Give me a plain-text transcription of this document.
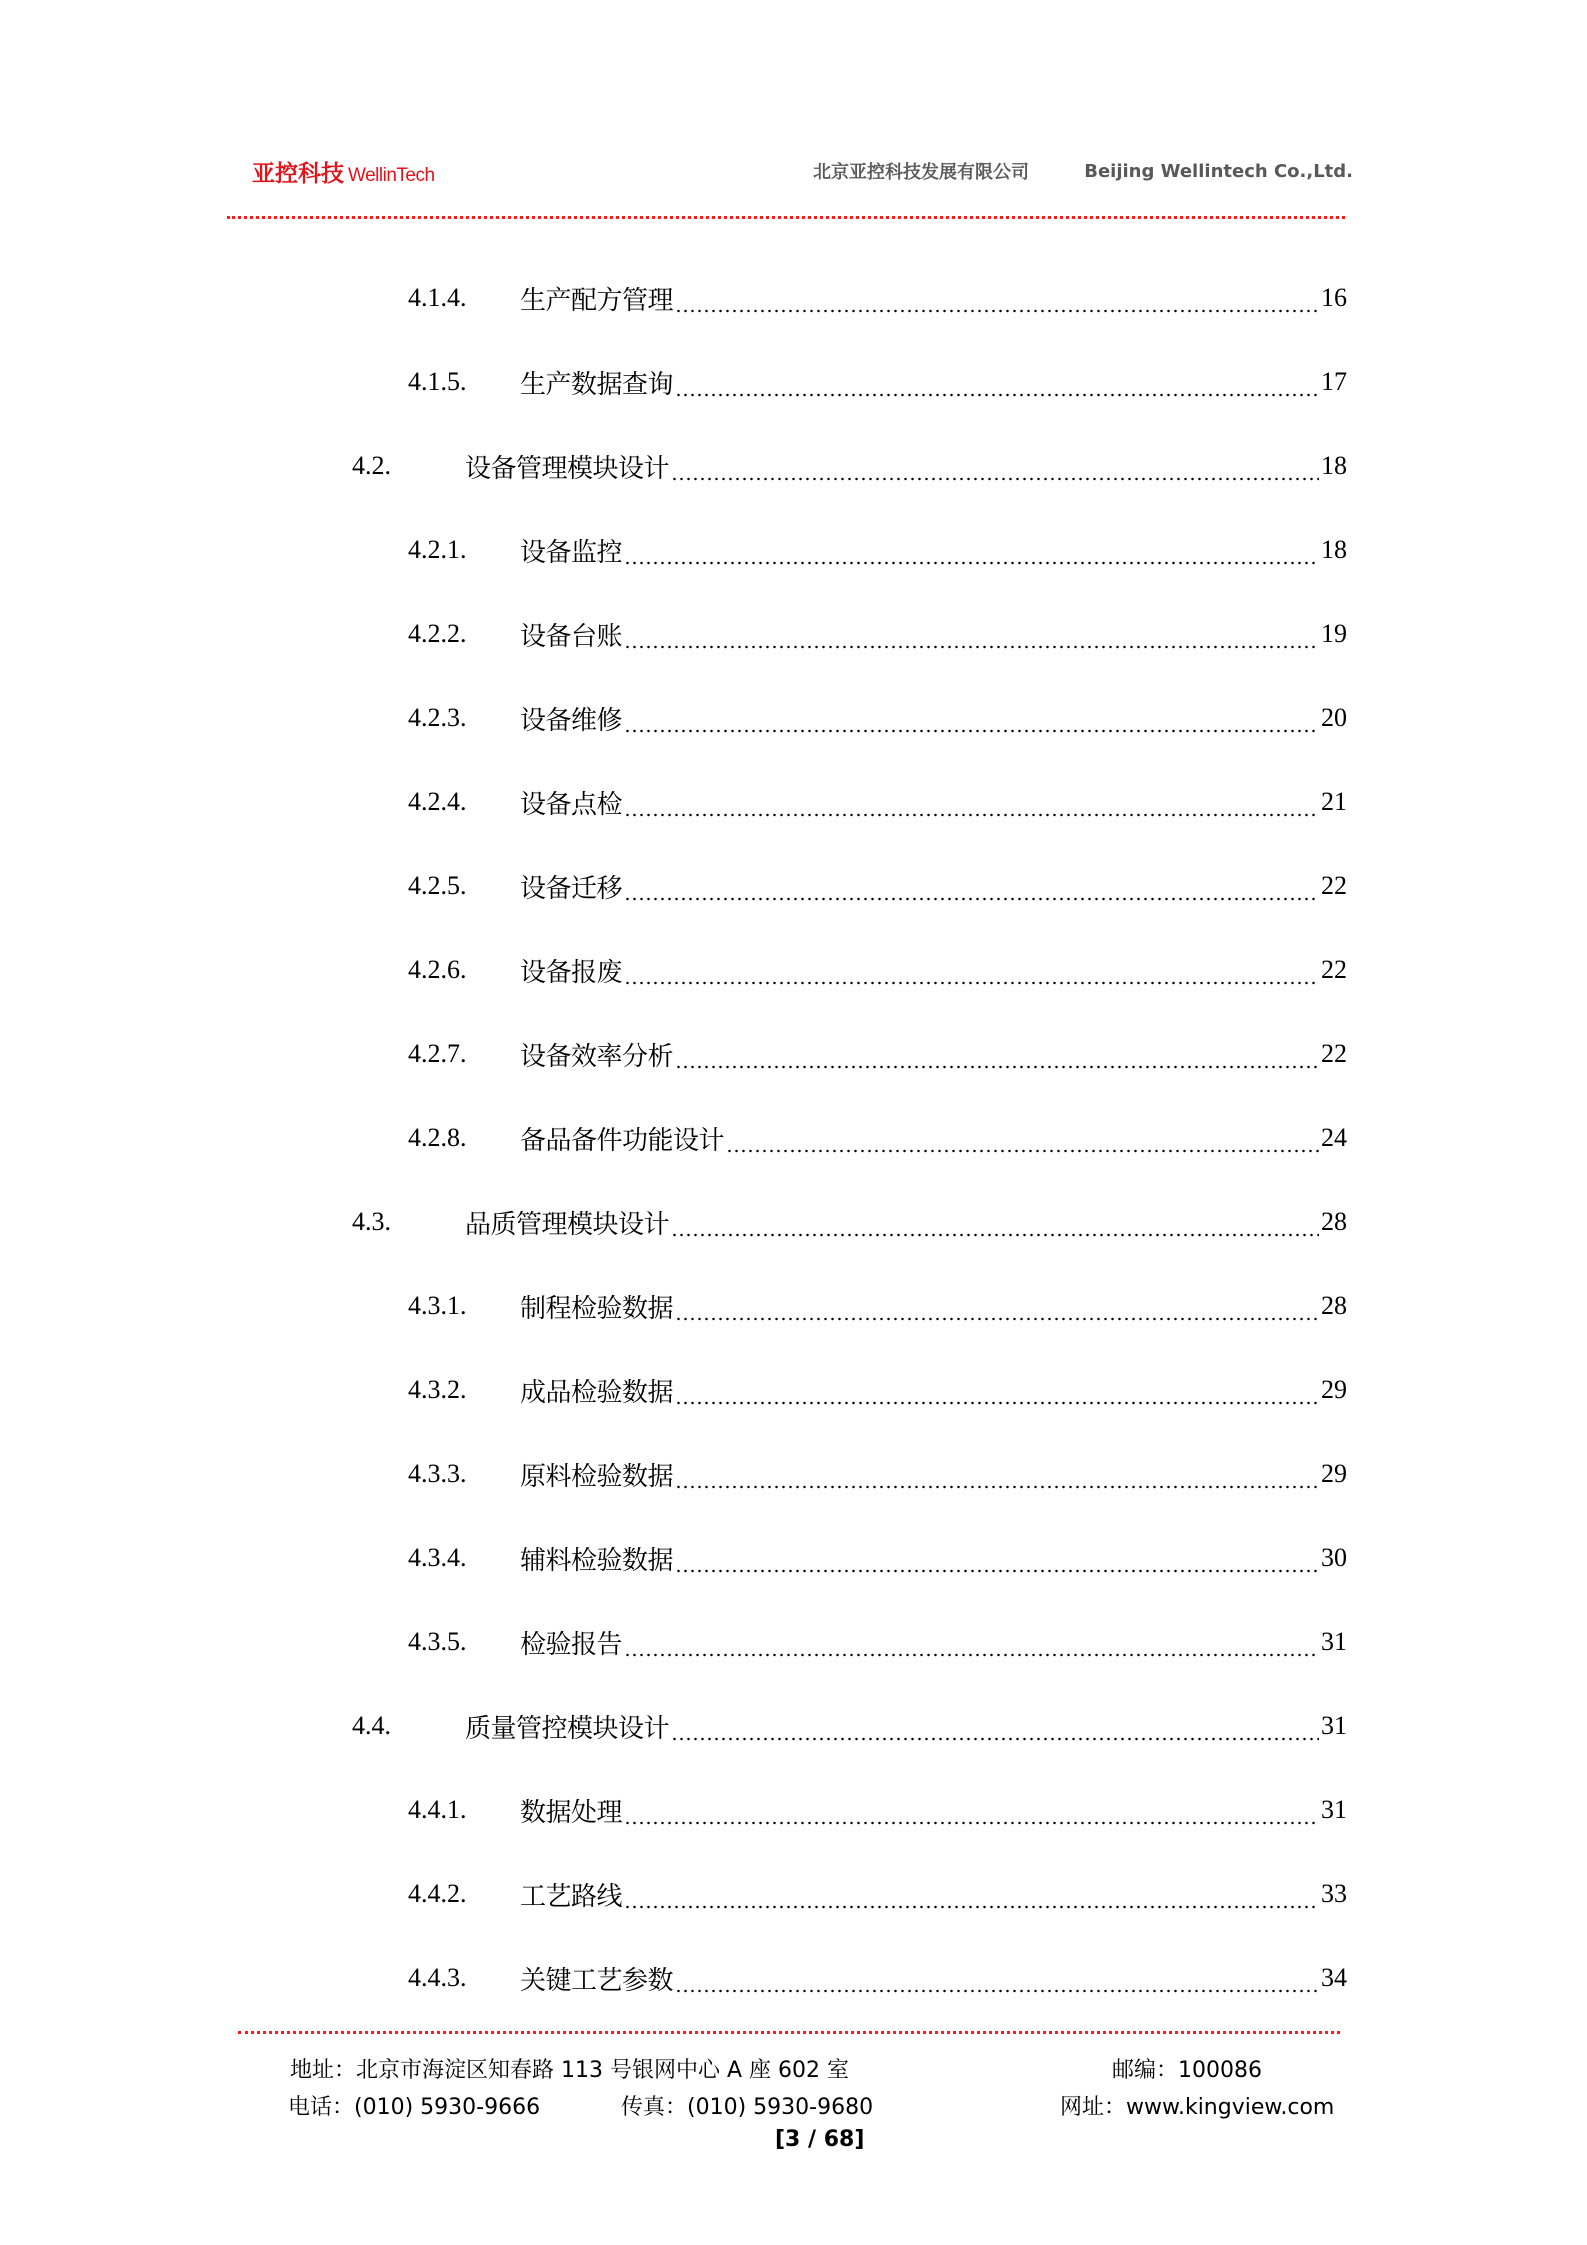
亚控科技 WellinTech	北京亚控科技发展有限公司	Beijing Wellintech Co.,Ltd.
4.1.4.	生产配方管理	16
4.1.5.	生产数据查询	17
4.2.	设备管理模块设计	18
4.2.1.	设备监控	18
4.2.2.	设备台账	19
4.2.3.	设备维修	20
4.2.4.	设备点检	21
4.2.5.	设备迁移	22
4.2.6.	设备报废	22
4.2.7.	设备效率分析	22
4.2.8.	备品备件功能设计	24
4.3.	品质管理模块设计	28
4.3.1.	制程检验数据	28
4.3.2.	成品检验数据	29
4.3.3.	原料检验数据	29
4.3.4.	辅料检验数据	30
4.3.5.	检验报告	31
4.4.	质量管控模块设计	31
4.4.1.	数据处理	31
4.4.2.	工艺路线	33
4.4.3.	关键工艺参数	34
地址：北京市海淀区知春路 113 号银网中心 A 座 602 室	邮编：100086
电话：(010) 5930-9666	传真：(010) 5930-9680	网址：www.kingview.com
[3 / 68]
